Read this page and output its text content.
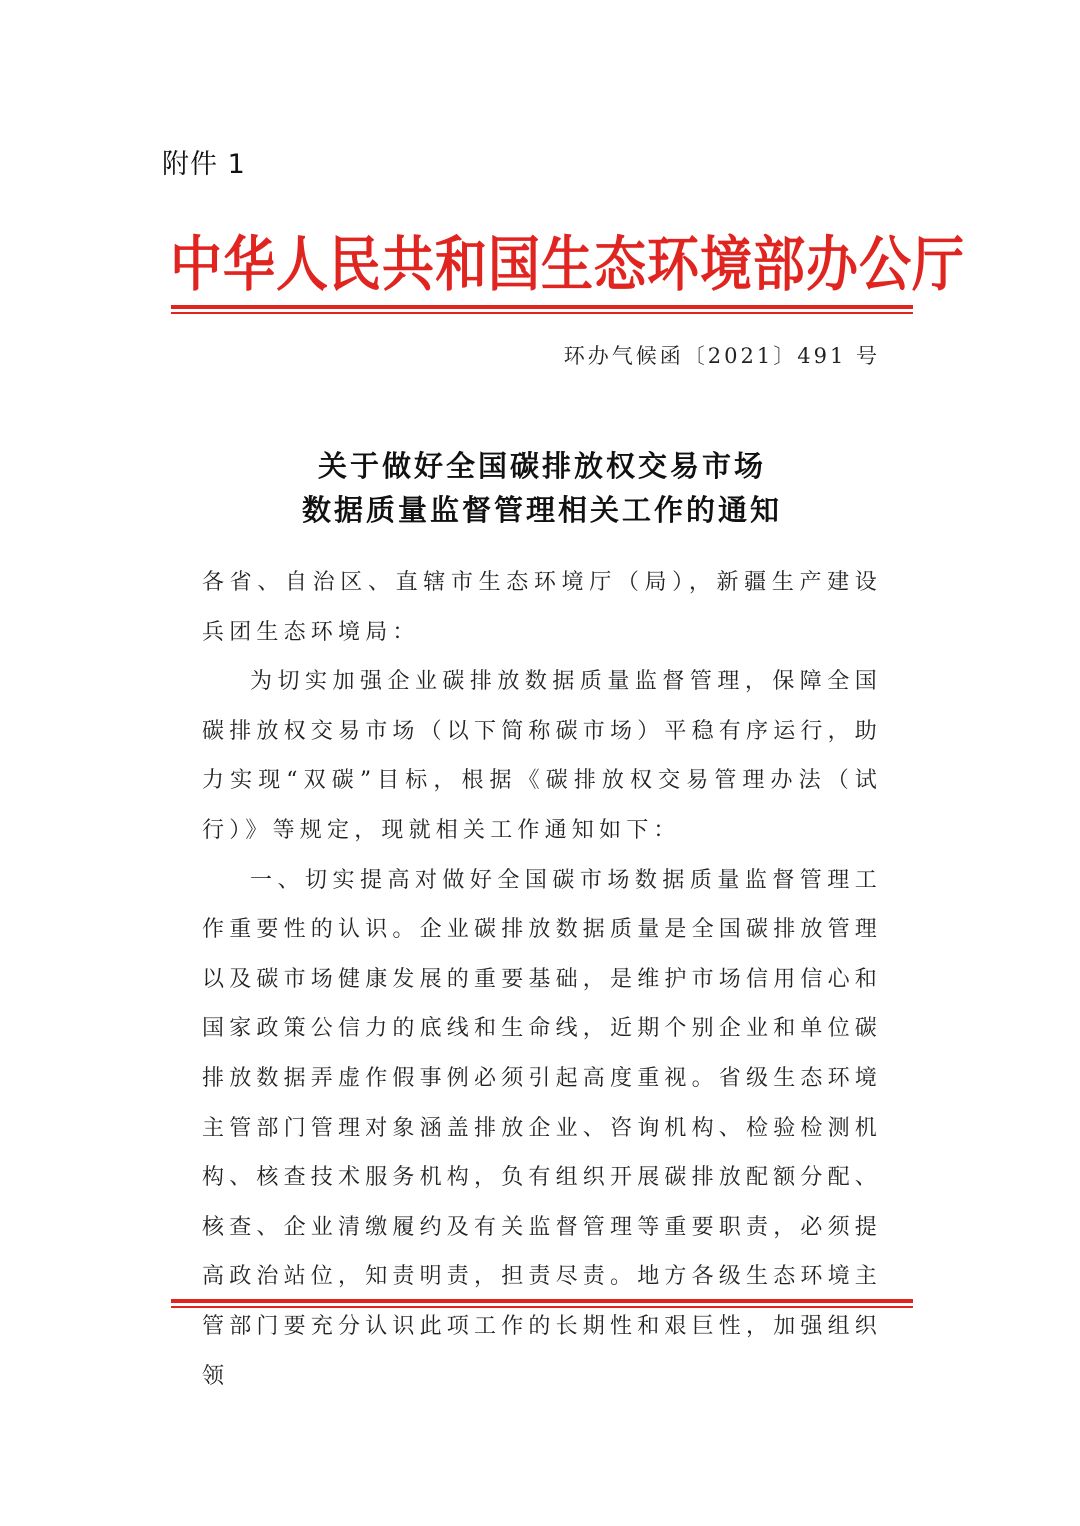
附件 1
中华人民共和国生态环境部办公厅
环办气候函〔2021〕491 号
关于做好全国碳排放权交易市场
数据质量监督管理相关工作的通知

各省、自治区、直辖市生态环境厅（局），新疆生产建设兵团生态环境局：

为切实加强企业碳排放数据质量监督管理，保障全国碳排放权交易市场（以下简称碳市场）平稳有序运行，助力实现“双碳”目标，根据《碳排放权交易管理办法（试行）》等规定，现就相关工作通知如下：

一、切实提高对做好全国碳市场数据质量监督管理工作重要性的认识。企业碳排放数据质量是全国碳排放管理以及碳市场健康发展的重要基础，是维护市场信用信心和国家政策公信力的底线和生命线，近期个别企业和单位碳排放数据弄虚作假事例必须引起高度重视。省级生态环境主管部门管理对象涵盖排放企业、咨询机构、检验检测机构、核查技术服务机构，负有组织开展碳排放配额分配、核查、企业清缴履约及有关监督管理等重要职责，必须提高政治站位，知责明责，担责尽责。地方各级生态环境主管部门要充分认识此项工作的长期性和艰巨性，加强组织领
